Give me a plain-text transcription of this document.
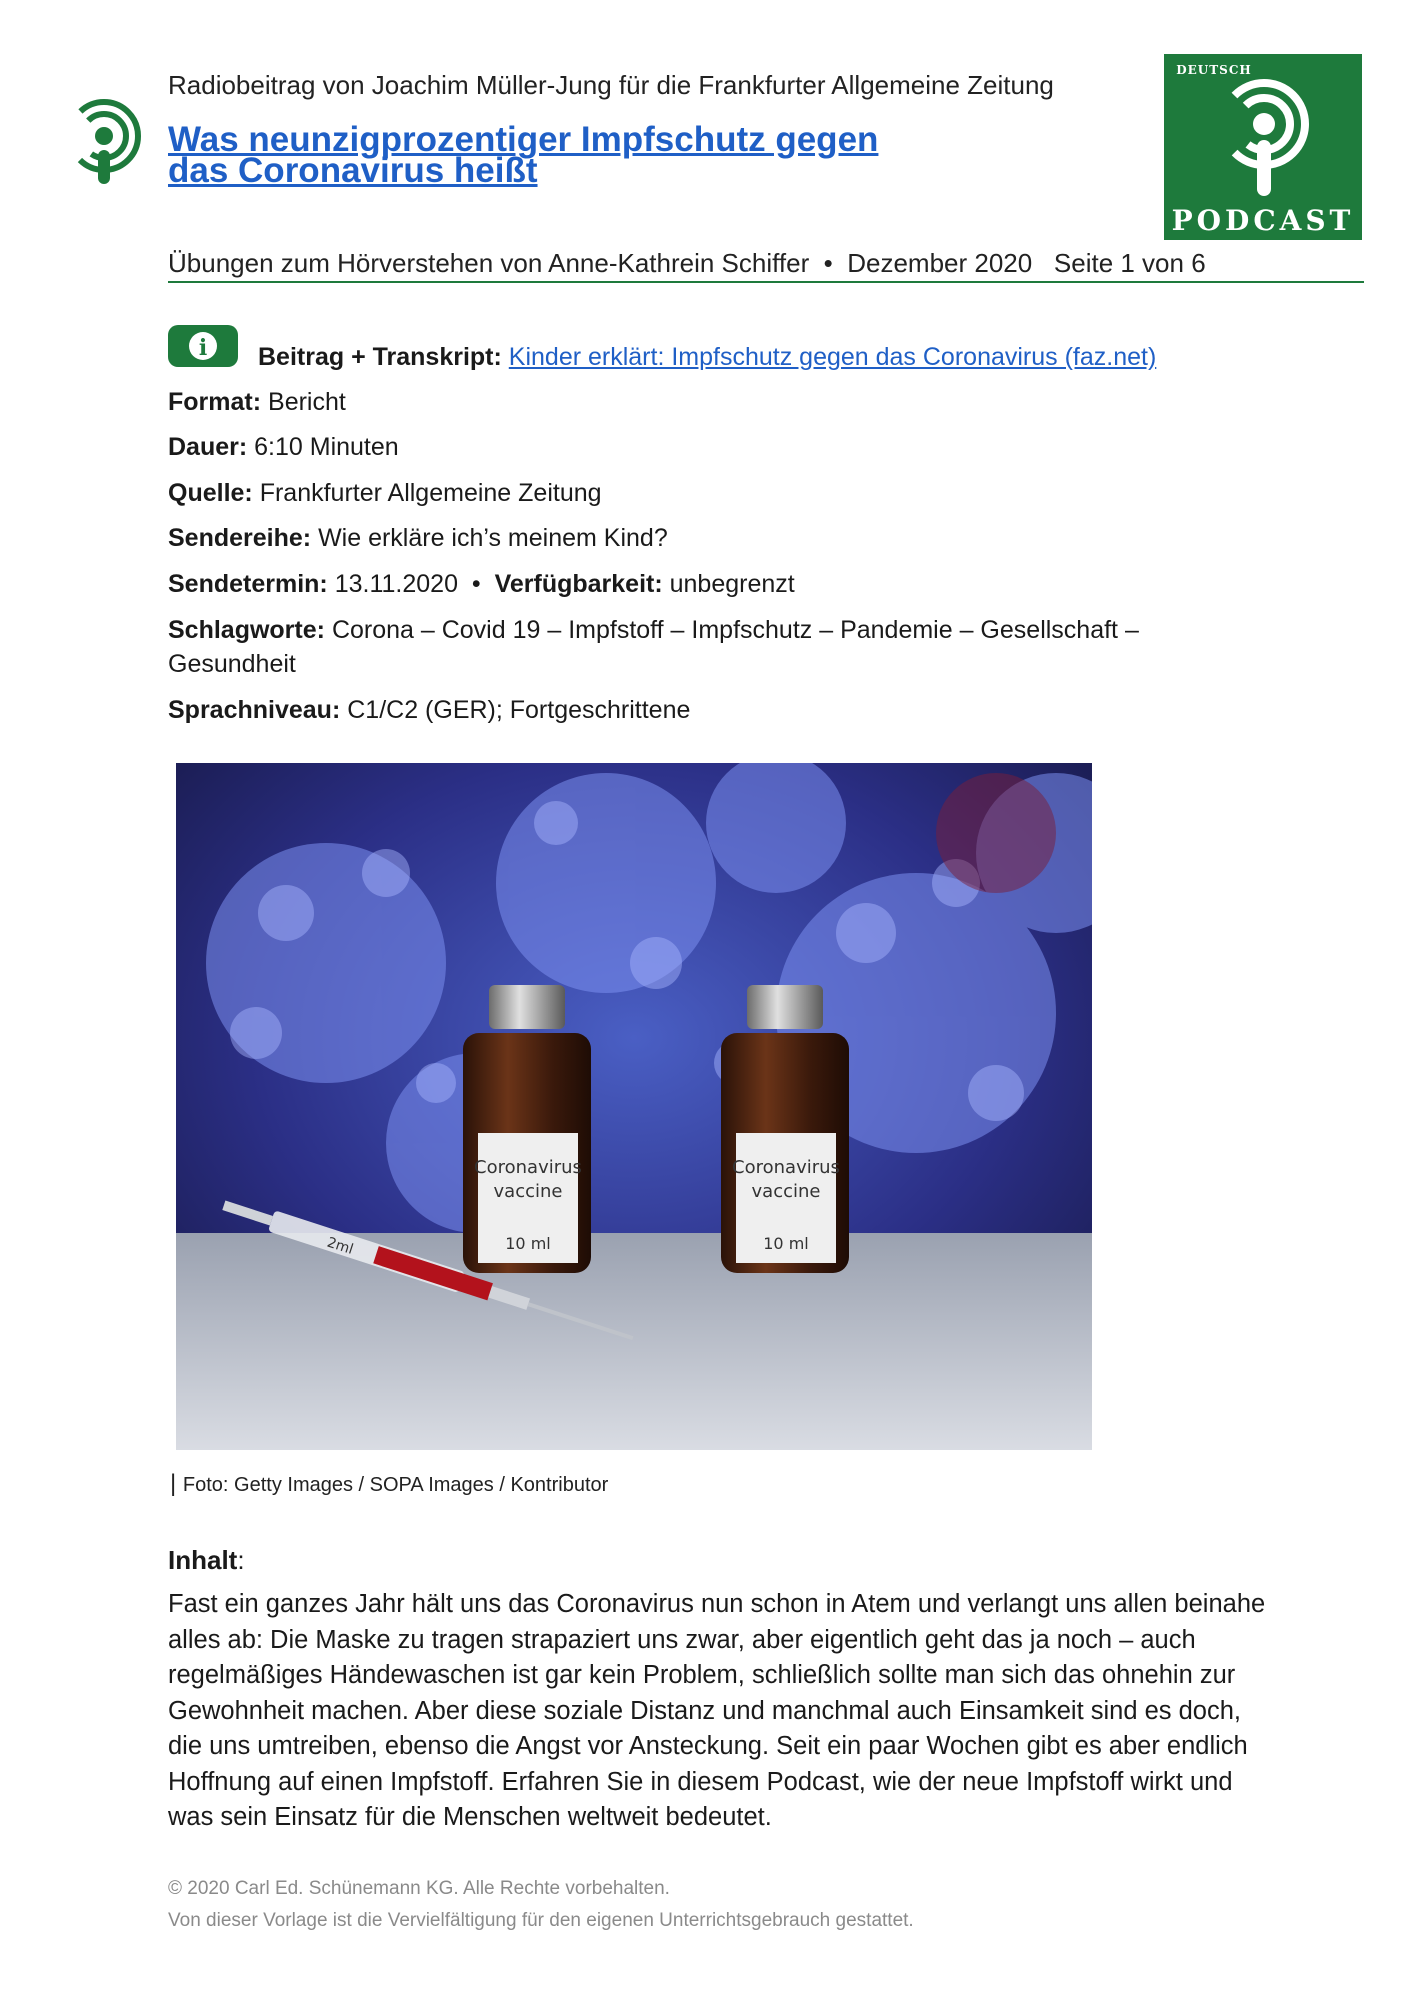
Radiobeitrag von Joachim Müller-Jung für die Frankfurter Allgemeine Zeitung
Was neunzigprozentiger Impfschutz gegen
das Coronavirus heißt
DEUTSCH
PODCAST
Übungen zum Hörverstehen von Anne-Kathrein Schiffer  •  Dezember 2020   Seite 1 von 6
i Beitrag + Transkript: Kinder erklärt: Impfschutz gegen das Coronavirus (faz.net)
Format: Bericht
Dauer: 6:10 Minuten
Quelle: Frankfurter Allgemeine Zeitung
Sendereihe: Wie erkläre ich’s meinem Kind?
Sendetermin: 13.11.2020  •  Verfügbarkeit: unbegrenzt
Schlagworte: Corona – Covid 19 – Impfstoff – Impfschutz – Pandemie – Gesellschaft – Gesundheit
Sprachniveau: C1/C2 (GER); Fortgeschrittene
Coronavirus
vaccine
10 ml
Coronavirus
vaccine
10 ml
2ml
| Foto: Getty Images / SOPA Images / Kontributor
Inhalt:
Fast ein ganzes Jahr hält uns das Coronavirus nun schon in Atem und verlangt uns allen beinahe alles ab: Die Maske zu tragen strapaziert uns zwar, aber eigentlich geht das ja noch – auch regelmäßiges Händewaschen ist gar kein Problem, schließlich sollte man sich das ohnehin zur Gewohnheit machen. Aber diese soziale Distanz und manchmal auch Einsamkeit sind es doch, die uns umtreiben, ebenso die Angst vor Ansteckung. Seit ein paar Wochen gibt es aber endlich Hoffnung auf einen Impfstoff. Erfahren Sie in diesem Podcast, wie der neue Impfstoff wirkt und was sein Einsatz für die Menschen weltweit bedeutet.
© 2020 Carl Ed. Schünemann KG. Alle Rechte vorbehalten.
Von dieser Vorlage ist die Vervielfältigung für den eigenen Unterrichtsgebrauch gestattet.
